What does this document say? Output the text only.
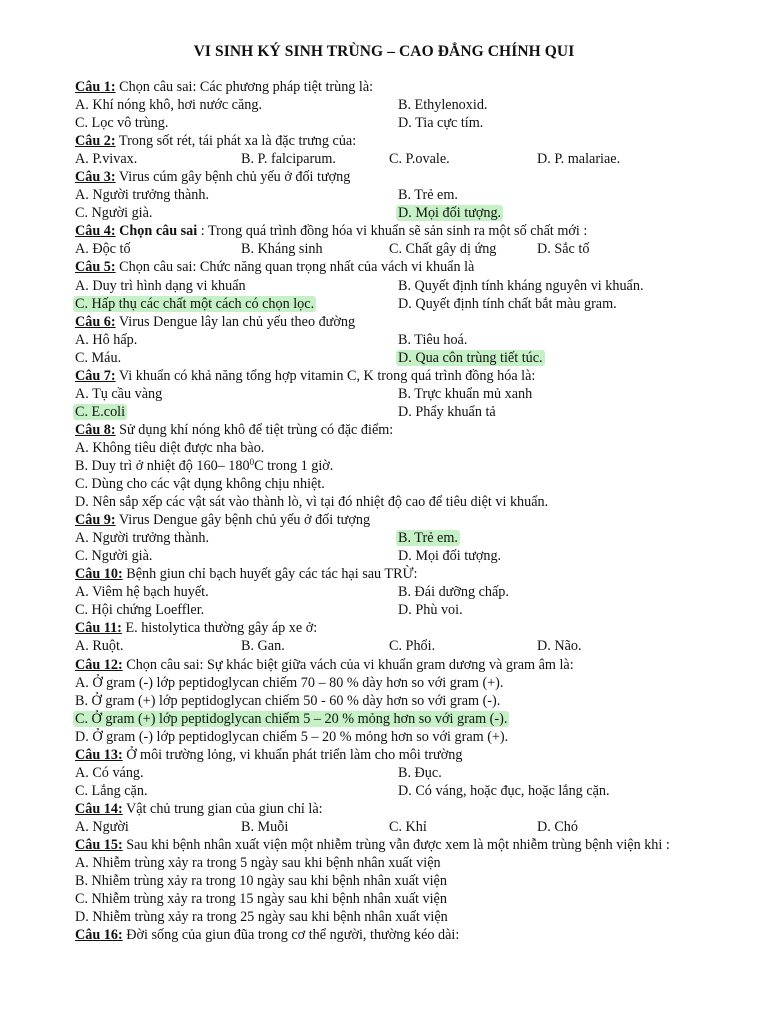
VI SINH KÝ SINH TRÙNG – CAO ĐẲNG CHÍNH QUI
Câu 1: Chọn câu sai: Các phương pháp tiệt trùng là:
A. Khí nóng khô, hơi nước căng.	B. Ethylenoxid.
C. Lọc vô trùng.	D. Tia cực tím.
Câu 2: Trong sốt rét, tái phát xa là đặc trưng của:
A. P.vivax.	B. P. falciparum.	C. P.ovale.	D. P. malariae.
Câu 3: Virus cúm gây bệnh chủ yếu ở đối tượng
A. Người trưởng thành.	B. Trẻ em.
C. Người già.	D. Mọi đối tượng.
Câu 4: Chọn câu sai : Trong quá trình đồng hóa vi khuẩn sẽ sản sinh ra một số chất mới :
A. Độc tố	B. Kháng sinh	C. Chất gây dị ứng	D. Sắc tố
Câu 5: Chọn câu sai: Chức năng quan trọng nhất của vách vi khuẩn là
A. Duy trì hình dạng vi khuẩn	B. Quyết định tính kháng nguyên vi khuẩn.
C. Hấp thụ các chất một cách có chọn lọc.	D. Quyết định tính chất bắt màu gram.
Câu 6: Virus Dengue lây lan chủ yếu theo đường
A. Hô hấp.	B. Tiêu hoá.
C. Máu.	D. Qua côn trùng tiết túc.
Câu 7: Vi khuẩn có khả năng tổng hợp vitamin C, K trong quá trình đồng hóa là:
A. Tụ cầu vàng	B. Trực khuẩn mủ xanh
C. E.coli	D. Phẩy khuẩn tả
Câu 8: Sử dụng khí nóng khô để tiệt trùng có đặc điểm:
A. Không tiêu diệt được nha bào.
B. Duy trì ở nhiệt độ 160– $180^0C$ trong 1 giờ.
C. Dùng cho các vật dụng không chịu nhiệt.
D. Nên sắp xếp các vật sát vào thành lò, vì tại đó nhiệt độ cao để tiêu diệt vi khuẩn.
Câu 9: Virus Dengue gây bệnh chủ yếu ở đối tượng
A. Người trưởng thành.	B. Trẻ em.
C. Người già.	D. Mọi đối tượng.
Câu 10: Bệnh giun chỉ bạch huyết gây các tác hại sau TRỪ:
A. Viêm hệ bạch huyết.	B. Đái dưỡng chấp.
C. Hội chứng Loeffler.	D. Phù voi.
Câu 11: E. histolytica thường gây áp xe ở:
A. Ruột.	B. Gan.	C. Phổi.	D. Não.
Câu 12: Chọn câu sai: Sự khác biệt giữa vách của vi khuẩn gram dương và gram âm là:
A. Ở gram (-) lớp peptidoglycan chiếm 70 – 80 % dày hơn so với gram (+).
B. Ở gram (+) lớp peptidoglycan chiếm 50 - 60 % dày hơn so với gram (-).
C. Ở gram (+) lớp peptidoglycan chiếm 5 – 20 % mỏng hơn so với gram (-).
D. Ở gram (-) lớp peptidoglycan chiếm 5 – 20 % mỏng hơn so với gram (+).
Câu 13: Ở môi trường lỏng, vi khuẩn phát triển làm cho môi trường
A. Có váng.	B. Đục.
C. Lắng cặn.	D. Có váng, hoặc đục, hoặc lắng cặn.
Câu 14: Vật chủ trung gian của giun chỉ là:
A. Người	B. Muỗi	C. Khỉ	D. Chó
Câu 15: Sau khi bệnh nhân xuất viện một nhiễm trùng vẫn được xem là một nhiễm trùng bệnh viện khi :
A. Nhiễm trùng xảy ra trong 5 ngày sau khi bệnh nhân xuất viện
B. Nhiễm trùng xảy ra trong 10 ngày sau khi bệnh nhân xuất viện
C. Nhiễm trùng xảy ra trong 15 ngày sau khi bệnh nhân xuất viện
D. Nhiễm trùng xảy ra trong 25 ngày sau khi bệnh nhân xuất viện
Câu 16: Đời sống của giun đũa trong cơ thể người, thường kéo dài:
